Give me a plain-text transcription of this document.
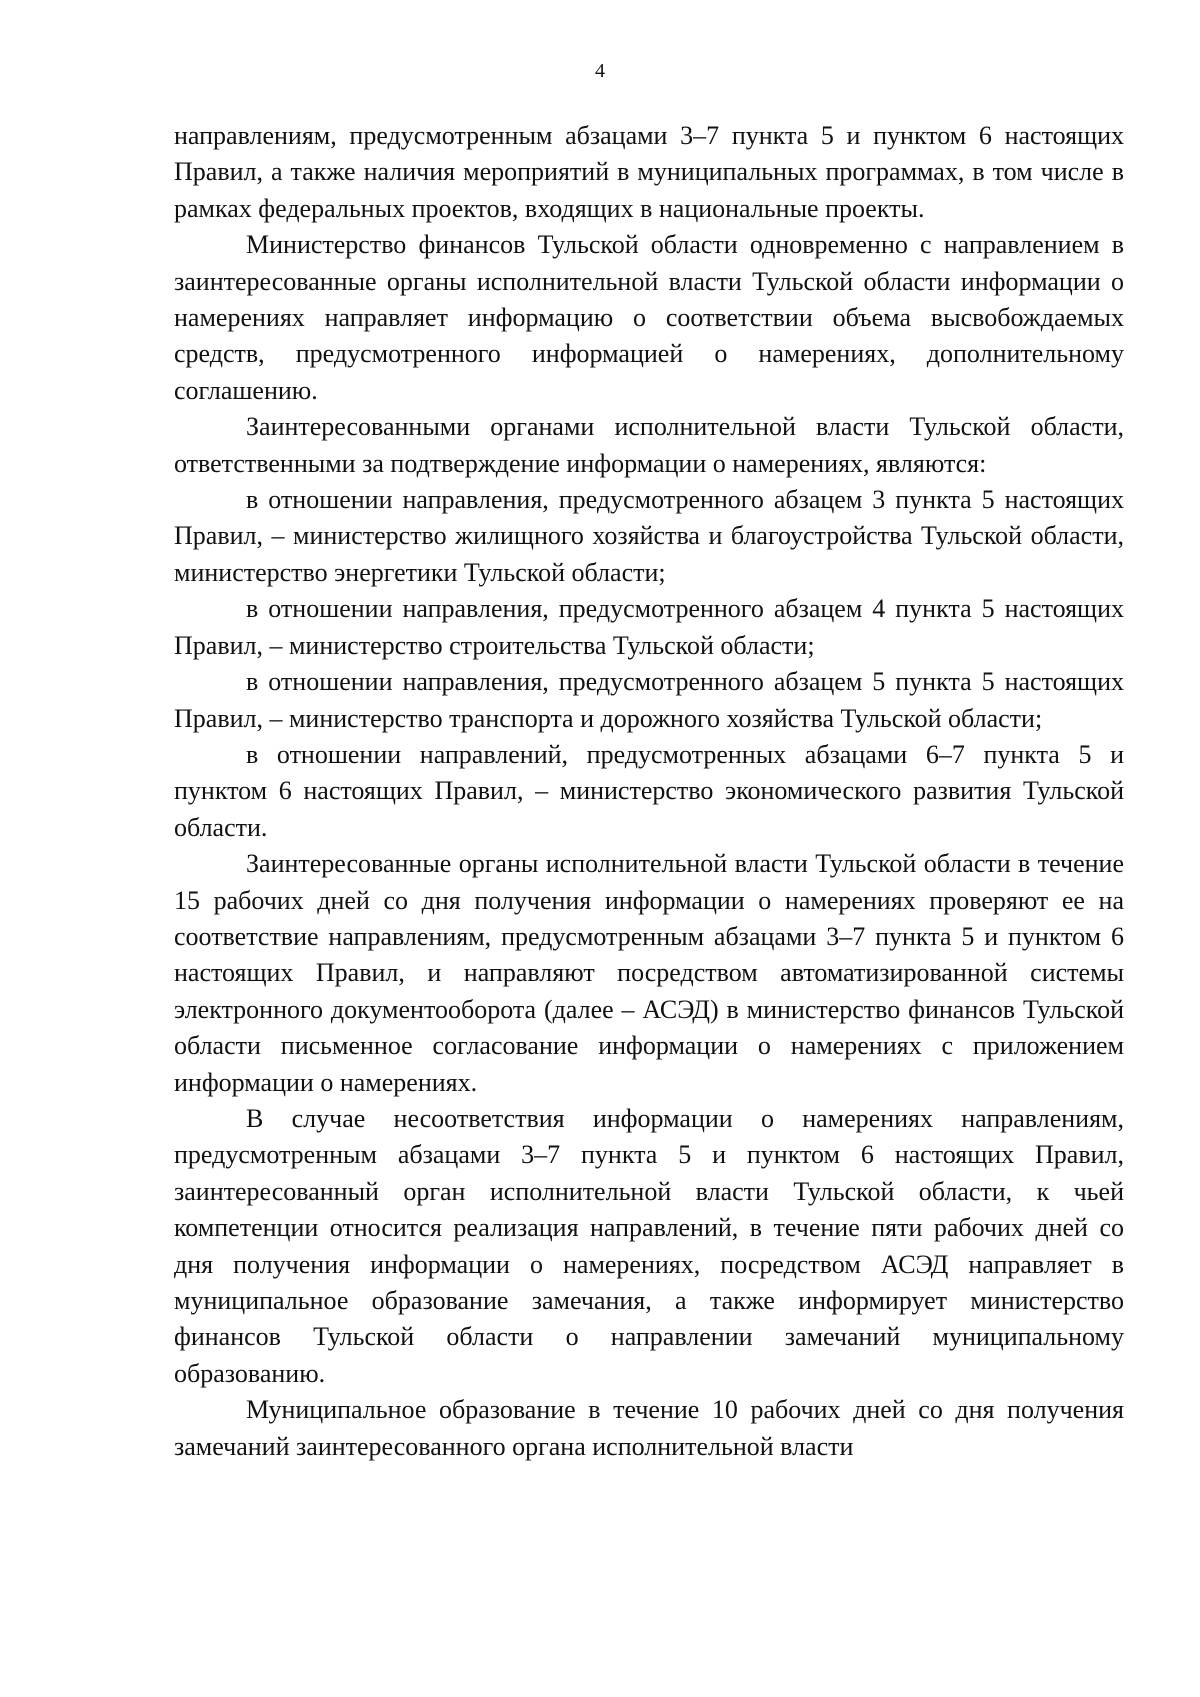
4

направлениям, предусмотренным абзацами 3–7 пункта 5 и пунктом 6 настоящих Правил, а также наличия мероприятий в муниципальных программах, в том числе в рамках федеральных проектов, входящих в национальные проекты.

Министерство финансов Тульской области одновременно с направлением в заинтересованные органы исполнительной власти Тульской области информации о намерениях направляет информацию о соответствии объема высвобождаемых средств, предусмотренного информацией о намерениях, дополнительному соглашению.

Заинтересованными органами исполнительной власти Тульской области, ответственными за подтверждение информации о намерениях, являются:

в отношении направления, предусмотренного абзацем 3 пункта 5 настоящих Правил, – министерство жилищного хозяйства и благоустройства Тульской области, министерство энергетики Тульской области;

в отношении направления, предусмотренного абзацем 4 пункта 5 настоящих Правил, – министерство строительства Тульской области;

в отношении направления, предусмотренного абзацем 5 пункта 5 настоящих Правил, – министерство транспорта и дорожного хозяйства Тульской области;

в отношении направлений, предусмотренных абзацами 6–7 пункта 5 и пунктом 6 настоящих Правил, – министерство экономического развития Тульской области.

Заинтересованные органы исполнительной власти Тульской области в течение 15 рабочих дней со дня получения информации о намерениях проверяют ее на соответствие направлениям, предусмотренным абзацами 3–7 пункта 5 и пунктом 6 настоящих Правил, и направляют посредством автоматизированной системы электронного документооборота (далее – АСЭД) в министерство финансов Тульской области письменное согласование информации о намерениях с приложением информации о намерениях.

В случае несоответствия информации о намерениях направлениям, предусмотренным абзацами 3–7 пункта 5 и пунктом 6 настоящих Правил, заинтересованный орган исполнительной власти Тульской области, к чьей компетенции относится реализация направлений, в течение пяти рабочих дней со дня получения информации о намерениях, посредством АСЭД направляет в муниципальное образование замечания, а также информирует министерство финансов Тульской области о направлении замечаний муниципальному образованию.

Муниципальное образование в течение 10 рабочих дней со дня получения замечаний заинтересованного органа исполнительной власти
